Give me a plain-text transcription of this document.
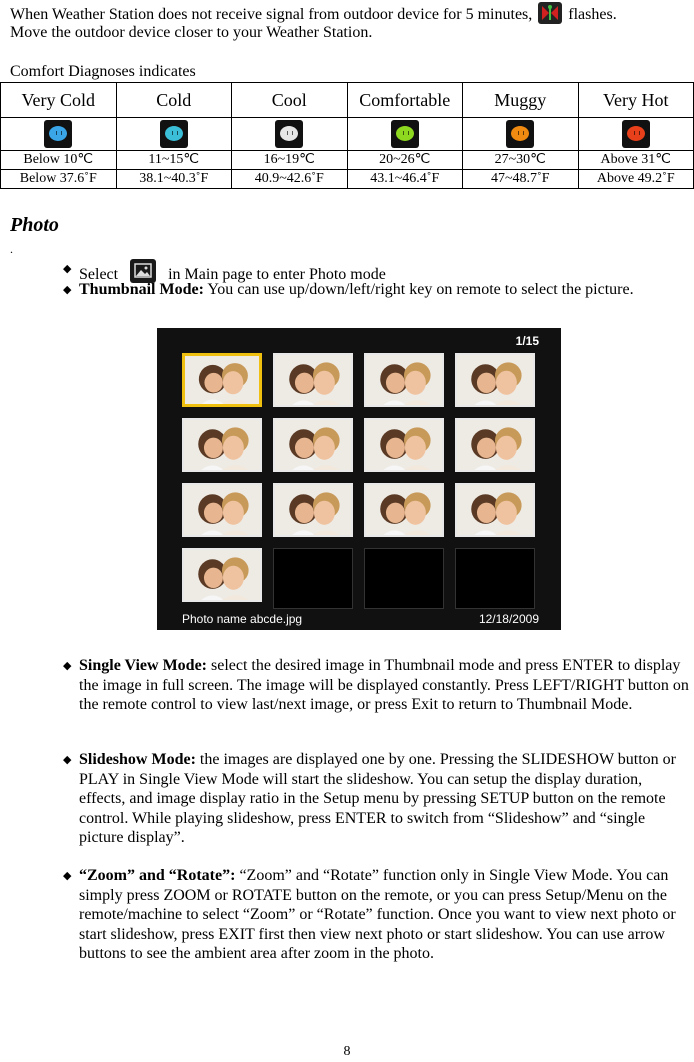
When Weather Station does not receive signal from outdoor device for 5 minutes, flashes.
Move the outdoor device closer to your Weather Station.
Comfort Diagnoses indicates
Very Cold	Cold	Cool	Comfortable	Muggy	Very Hot

Below 10℃	11~15℃	16~19℃	20~26℃	27~30℃	Above 31℃
Below 37.6˚F	38.1~40.3˚F	40.9~42.6˚F	43.1~46.4˚F	47~48.7˚F	Above 49.2˚F
Photo
.
◆ Select	in Main page to enter Photo mode
◆ Thumbnail Mode: You can use up/down/left/right key on remote to select the picture.
1/15
Photo name abcde.jpg	12/18/2009
◆ Single View Mode: select the desired image in Thumbnail mode and press ENTER to display the image in full screen. The image will be displayed constantly. Press LEFT/RIGHT button on the remote control to view last/next image, or press Exit to return to Thumbnail Mode.
◆ Slideshow Mode: the images are displayed one by one. Pressing the SLIDESHOW button or PLAY in Single View Mode will start the slideshow. You can setup the display duration, effects, and image display ratio in the Setup menu by pressing SETUP button on the remote control. While playing slideshow, press ENTER to switch from “Slideshow” and “single picture display”.
◆ “Zoom” and “Rotate”: “Zoom” and “Rotate” function only in Single View Mode. You can simply press ZOOM or ROTATE button on the remote, or you can press Setup/Menu on the remote/machine to select “Zoom” or “Rotate” function. Once you want to view next photo or start slideshow, press EXIT first then view next photo or start slideshow. You can use arrow buttons to see the ambient area after zoom in the photo.
8
